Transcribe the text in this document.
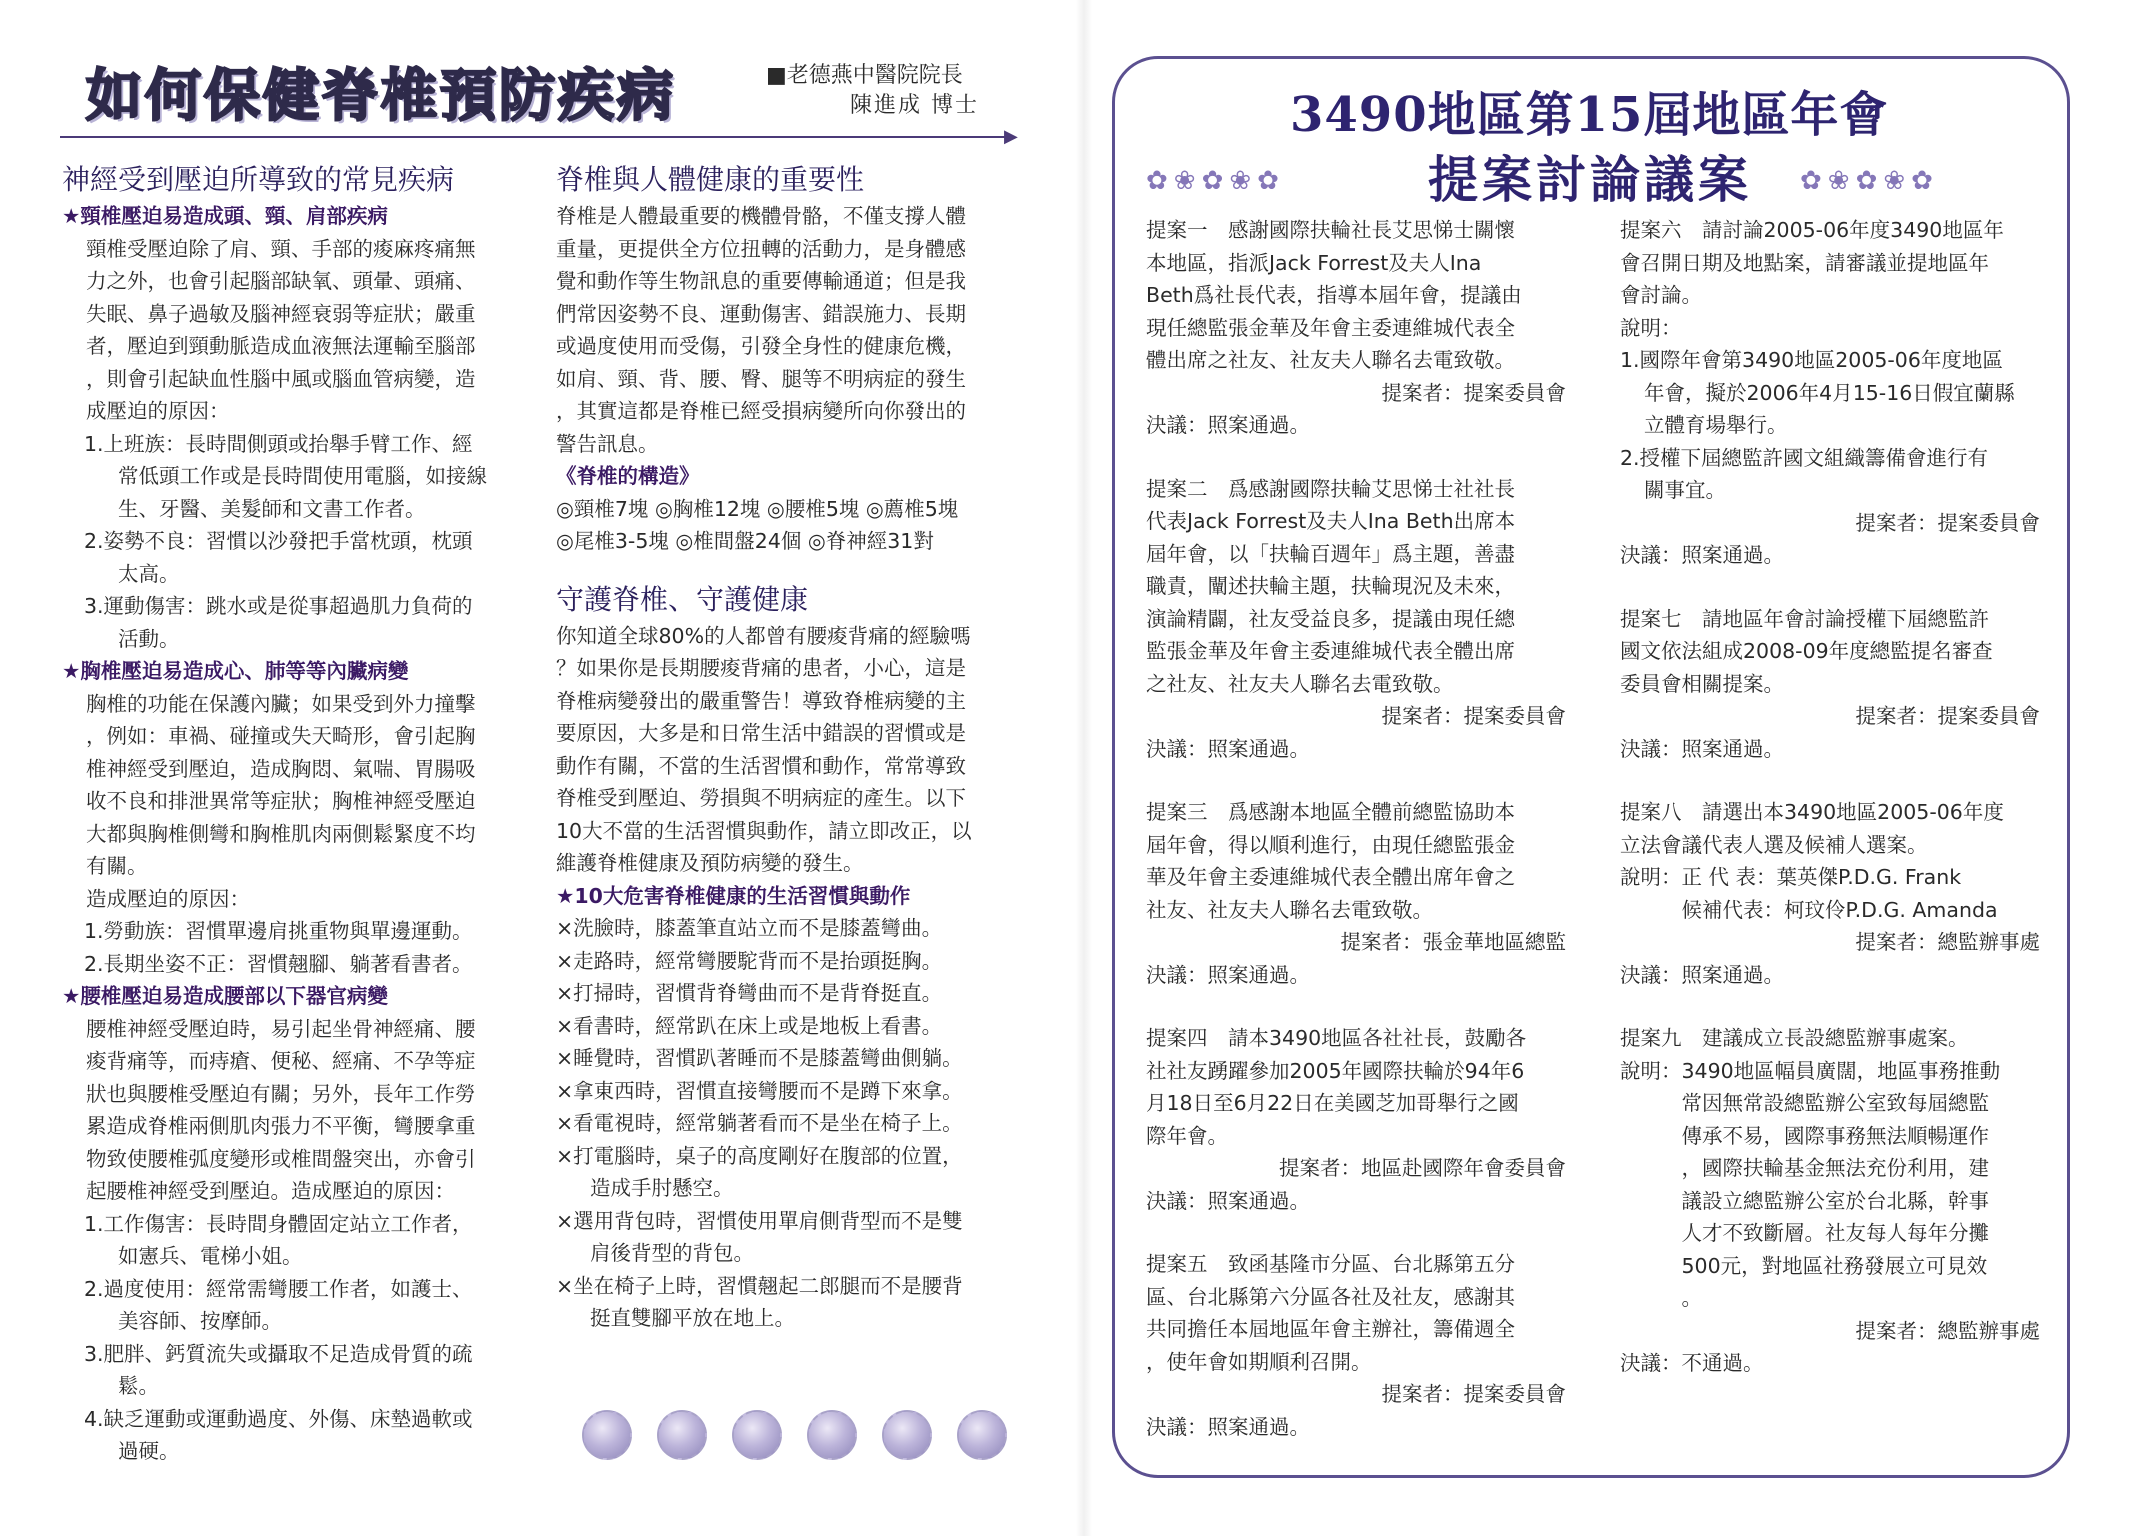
如何保健脊椎預防疾病	■老德燕中醫院院長
陳進成 博士
▶
神經受到壓迫所導致的常見疾病
★頸椎壓迫易造成頭、頸、肩部疾病
頸椎受壓迫除了肩、頸、手部的痠麻疼痛無
力之外，也會引起腦部缺氧、頭暈、頭痛、
失眠、鼻子過敏及腦神經衰弱等症狀；嚴重
者，壓迫到頸動脈造成血液無法運輸至腦部
，則會引起缺血性腦中風或腦血管病變，造
成壓迫的原因：
1.上班族：長時間側頭或抬舉手臂工作、經
常低頭工作或是長時間使用電腦，如接線
生、牙醫、美髮師和文書工作者。
2.姿勢不良：習慣以沙發把手當枕頭，枕頭
太高。
3.運動傷害：跳水或是從事超過肌力負荷的
活動。
★胸椎壓迫易造成心、肺等等內臟病變
胸椎的功能在保護內臟；如果受到外力撞擊
，例如：車禍、碰撞或失天畸形，會引起胸
椎神經受到壓迫，造成胸悶、氣喘、胃腸吸
收不良和排泄異常等症狀；胸椎神經受壓迫
大都與胸椎側彎和胸椎肌肉兩側鬆緊度不均
有關。
造成壓迫的原因：
1.勞動族：習慣單邊肩挑重物與單邊運動。
2.長期坐姿不正：習慣翹腳、躺著看書者。
★腰椎壓迫易造成腰部以下器官病變
腰椎神經受壓迫時，易引起坐骨神經痛、腰
痠背痛等，而痔瘡、便秘、經痛、不孕等症
狀也與腰椎受壓迫有關；另外，長年工作勞
累造成脊椎兩側肌肉張力不平衡，彎腰拿重
物致使腰椎弧度變形或椎間盤突出，亦會引
起腰椎神經受到壓迫。造成壓迫的原因：
1.工作傷害：長時間身體固定站立工作者，
如憲兵、電梯小姐。
2.過度使用：經常需彎腰工作者，如護士、
美容師、按摩師。
3.肥胖、鈣質流失或攝取不足造成骨質的疏
鬆。
4.缺乏運動或運動過度、外傷、床墊過軟或
過硬。
脊椎與人體健康的重要性
脊椎是人體最重要的機體骨骼，不僅支撐人體
重量，更提供全方位扭轉的活動力，是身體感
覺和動作等生物訊息的重要傳輸通道；但是我
們常因姿勢不良、運動傷害、錯誤施力、長期
或過度使用而受傷，引發全身性的健康危機，
如肩、頸、背、腰、臀、腿等不明病症的發生
，其實這都是脊椎已經受損病變所向你發出的
警告訊息。
《脊椎的構造》
◎頸椎7塊 ◎胸椎12塊 ◎腰椎5塊 ◎薦椎5塊
◎尾椎3-5塊 ◎椎間盤24個 ◎脊神經31對
守護脊椎、守護健康
你知道全球80%的人都曾有腰痠背痛的經驗嗎
？如果你是長期腰痠背痛的患者，小心，這是
脊椎病變發出的嚴重警告！導致脊椎病變的主
要原因，大多是和日常生活中錯誤的習慣或是
動作有關，不當的生活習慣和動作，常常導致
脊椎受到壓迫、勞損與不明病症的產生。以下
10大不當的生活習慣與動作，請立即改正，以
維護脊椎健康及預防病變的發生。
★10大危害脊椎健康的生活習慣與動作
×洗臉時，膝蓋筆直站立而不是膝蓋彎曲。
×走路時，經常彎腰駝背而不是抬頭挺胸。
×打掃時，習慣背脊彎曲而不是背脊挺直。
×看書時，經常趴在床上或是地板上看書。
×睡覺時，習慣趴著睡而不是膝蓋彎曲側躺。
×拿東西時，習慣直接彎腰而不是蹲下來拿。
×看電視時，經常躺著看而不是坐在椅子上。
×打電腦時，桌子的高度剛好在腹部的位置，
造成手肘懸空。
×選用背包時，習慣使用單肩側背型而不是雙
肩後背型的背包。
×坐在椅子上時，習慣翹起二郎腿而不是腰背
挺直雙腳平放在地上。
3490地區第15屆地區年會
提案討論議案
✿❀✿❀✿	✿❀✿❀✿
提案一　感謝國際扶輪社長艾思悌士關懷
本地區，指派Jack Forrest及夫人Ina
Beth爲社長代表，指導本屆年會，提議由
現任總監張金華及年會主委連維城代表全
體出席之社友、社友夫人聯名去電致敬。
提案者：提案委員會
決議：照案通過。
提案二　爲感謝國際扶輪艾思悌士社社長
代表Jack Forrest及夫人Ina Beth出席本
屆年會，以「扶輪百週年」爲主題，善盡
職責，闡述扶輪主題，扶輪現況及未來，
演論精闢，社友受益良多，提議由現任總
監張金華及年會主委連維城代表全體出席
之社友、社友夫人聯名去電致敬。
提案者：提案委員會
決議：照案通過。
提案三　爲感謝本地區全體前總監協助本
屆年會，得以順利進行，由現任總監張金
華及年會主委連維城代表全體出席年會之
社友、社友夫人聯名去電致敬。
提案者：張金華地區總監
決議：照案通過。
提案四　請本3490地區各社社長，鼓勵各
社社友踴躍參加2005年國際扶輪於94年6
月18日至6月22日在美國芝加哥舉行之國
際年會。
提案者：地區赴國際年會委員會
決議：照案通過。
提案五　致函基隆市分區、台北縣第五分
區、台北縣第六分區各社及社友，感謝其
共同擔任本屆地區年會主辦社，籌備週全
，使年會如期順利召開。
提案者：提案委員會
決議：照案通過。
提案六　請討論2005-06年度3490地區年
會召開日期及地點案，請審議並提地區年
會討論。
說明：
1.國際年會第3490地區2005-06年度地區
年會，擬於2006年4月15-16日假宜蘭縣
立體育場舉行。
2.授權下屆總監許國文組織籌備會進行有
關事宜。
提案者：提案委員會
決議：照案通過。
提案七　請地區年會討論授權下屆總監許
國文依法組成2008-09年度總監提名審查
委員會相關提案。
提案者：提案委員會
決議：照案通過。
提案八　請選出本3490地區2005-06年度
立法會議代表人選及候補人選案。
說明：正 代 表：葉英傑P.D.G. Frank
　　　候補代表：柯玟伶P.D.G. Amanda
提案者：總監辦事處
決議：照案通過。
提案九　建議成立長設總監辦事處案。
說明：3490地區幅員廣闊，地區事務推動
　　　常因無常設總監辦公室致每屆總監
　　　傳承不易，國際事務無法順暢運作
　　　，國際扶輪基金無法充份利用，建
　　　議設立總監辦公室於台北縣，幹事
　　　人才不致斷層。社友每人每年分攤
　　　500元，對地區社務發展立可見效
　　　。
提案者：總監辦事處
決議：不通過。
